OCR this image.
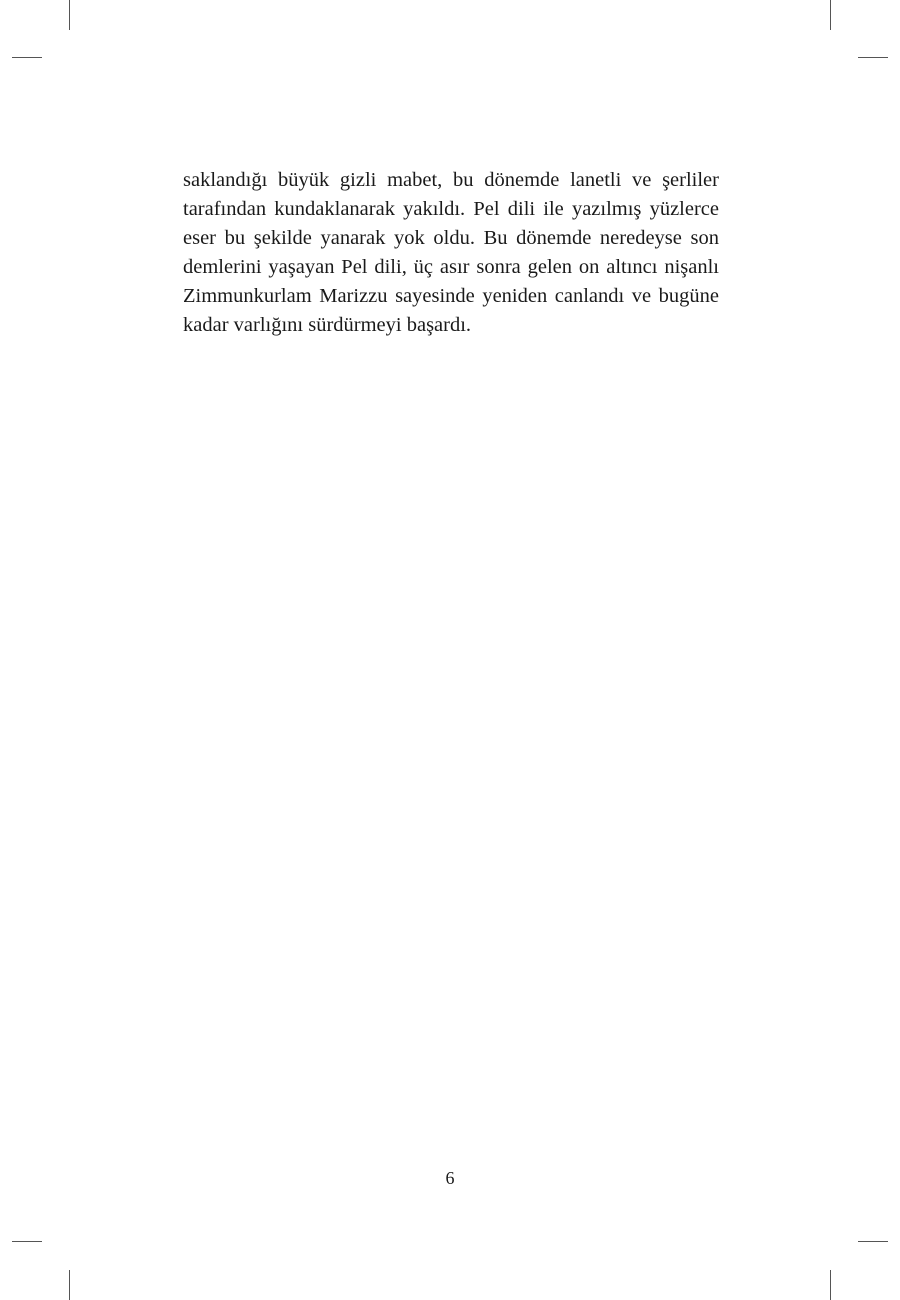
saklandığı büyük gizli mabet, bu dönemde lanetli ve şerliler
tarafından kundaklanarak yakıldı. Pel dili ile yazılmış yüzlerce
eser bu şekilde yanarak yok oldu. Bu dönemde neredeyse son
demlerini yaşayan Pel dili, üç asır sonra gelen on altıncı nişanlı
Zimmunkurlam Marizzu sayesinde yeniden canlandı ve bugüne
kadar varlığını sürdürmeyi başardı.

6
